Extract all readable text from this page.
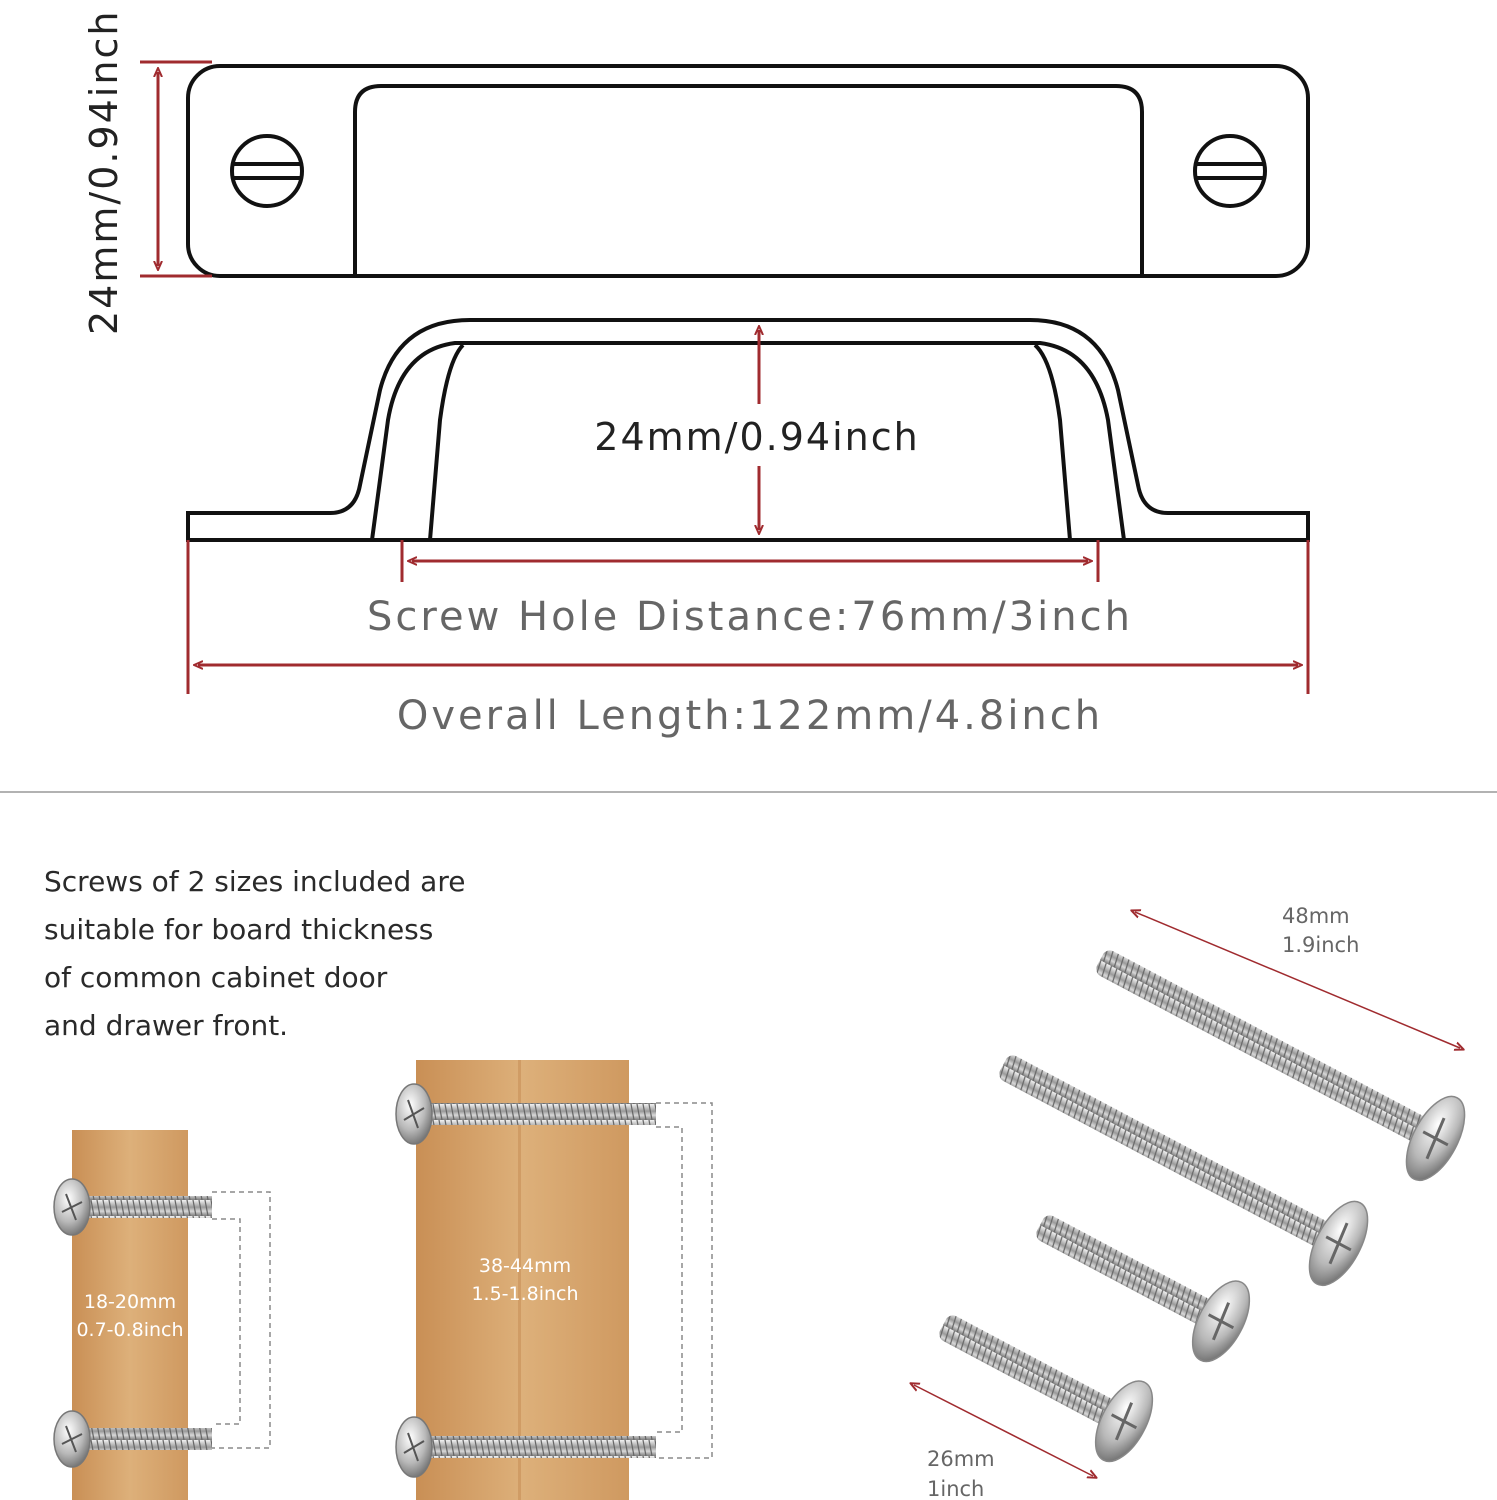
18-20mm
0.7-0.8inch
38-44mm
1.5-1.8inch
48mm
1.9inch
26mm
1inch
24mm/0.94inch
24mm/0.94inch
Screw Hole Distance:76mm/3inch
Overall Length:122mm/4.8inch
Screws of 2 sizes included are
suitable for board thickness
of common cabinet door
and drawer front.
